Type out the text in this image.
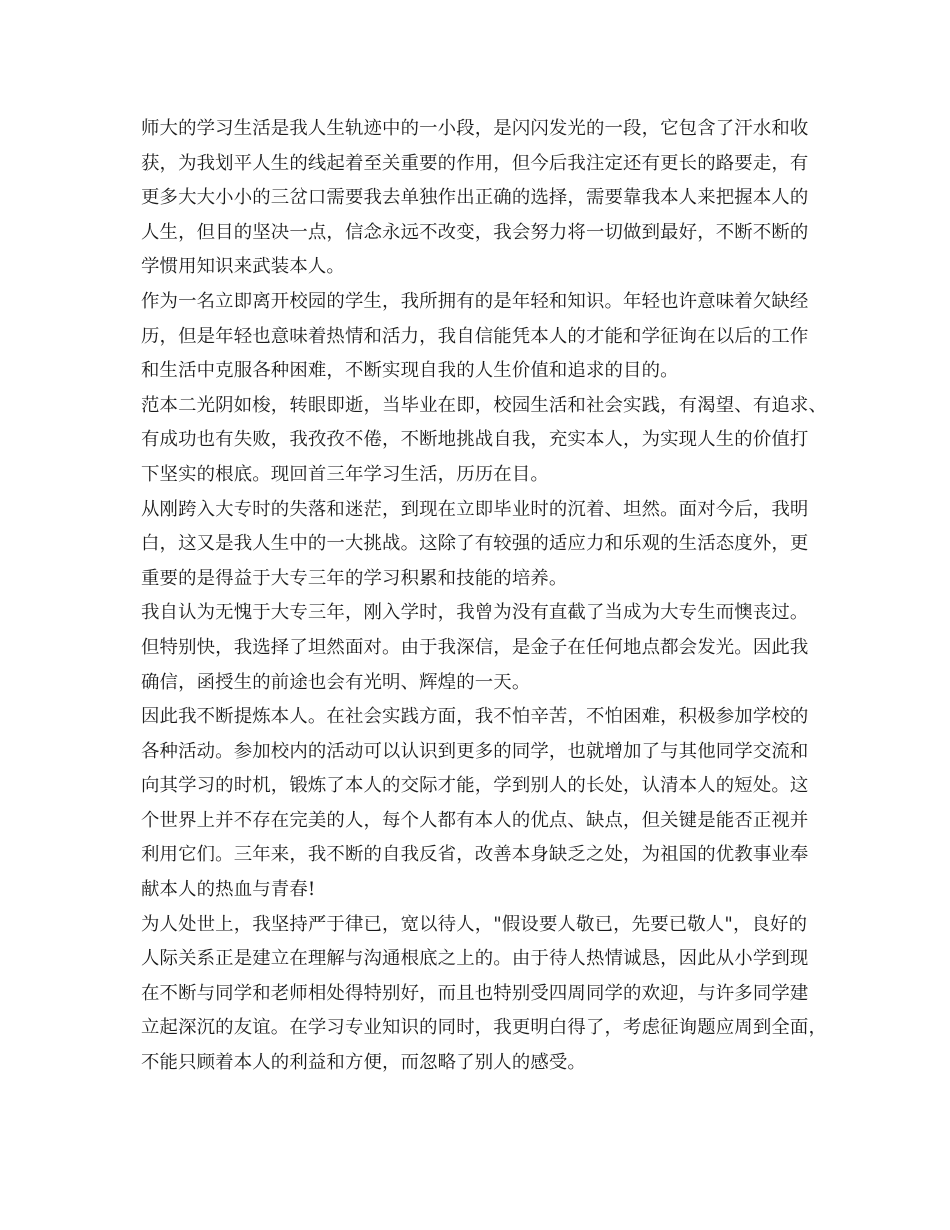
师大的学习生活是我人生轨迹中的一小段，是闪闪发光的一段，它包含了汗水和收
获，为我划平人生的线起着至关重要的作用，但今后我注定还有更长的路要走，有
更多大大小小的三岔口需要我去单独作出正确的选择，需要靠我本人来把握本人的
人生，但目的坚决一点，信念永远不改变，我会努力将一切做到最好，不断不断的
学惯用知识来武装本人。
作为一名立即离开校园的学生，我所拥有的是年轻和知识。年轻也许意味着欠缺经
历，但是年轻也意味着热情和活力，我自信能凭本人的才能和学征询在以后的工作
和生活中克服各种困难，不断实现自我的人生价值和追求的目的。
范本二光阴如梭，转眼即逝，当毕业在即，校园生活和社会实践，有渴望、有追求、
有成功也有失败，我孜孜不倦，不断地挑战自我，充实本人，为实现人生的价值打
下坚实的根底。现回首三年学习生活，历历在目。
从刚跨入大专时的失落和迷茫，到现在立即毕业时的沉着、坦然。面对今后，我明
白，这又是我人生中的一大挑战。这除了有较强的适应力和乐观的生活态度外，更
重要的是得益于大专三年的学习积累和技能的培养。
我自认为无愧于大专三年，刚入学时，我曾为没有直截了当成为大专生而懊丧过。
但特别快，我选择了坦然面对。由于我深信，是金子在任何地点都会发光。因此我
确信，函授生的前途也会有光明、辉煌的一天。
因此我不断提炼本人。在社会实践方面，我不怕辛苦，不怕困难，积极参加学校的
各种活动。参加校内的活动可以认识到更多的同学，也就增加了与其他同学交流和
向其学习的时机，锻炼了本人的交际才能，学到别人的长处，认清本人的短处。这
个世界上并不存在完美的人，每个人都有本人的优点、缺点，但关键是能否正视并
利用它们。三年来，我不断的自我反省，改善本身缺乏之处，为祖国的优教事业奉
献本人的热血与青春!
为人处世上，我坚持严于律已，宽以待人，"假设要人敬已，先要已敬人"，良好的
人际关系正是建立在理解与沟通根底之上的。由于待人热情诚恳，因此从小学到现
在不断与同学和老师相处得特别好，而且也特别受四周同学的欢迎，与许多同学建
立起深沉的友谊。在学习专业知识的同时，我更明白得了，考虑征询题应周到全面，
不能只顾着本人的利益和方便，而忽略了别人的感受。
